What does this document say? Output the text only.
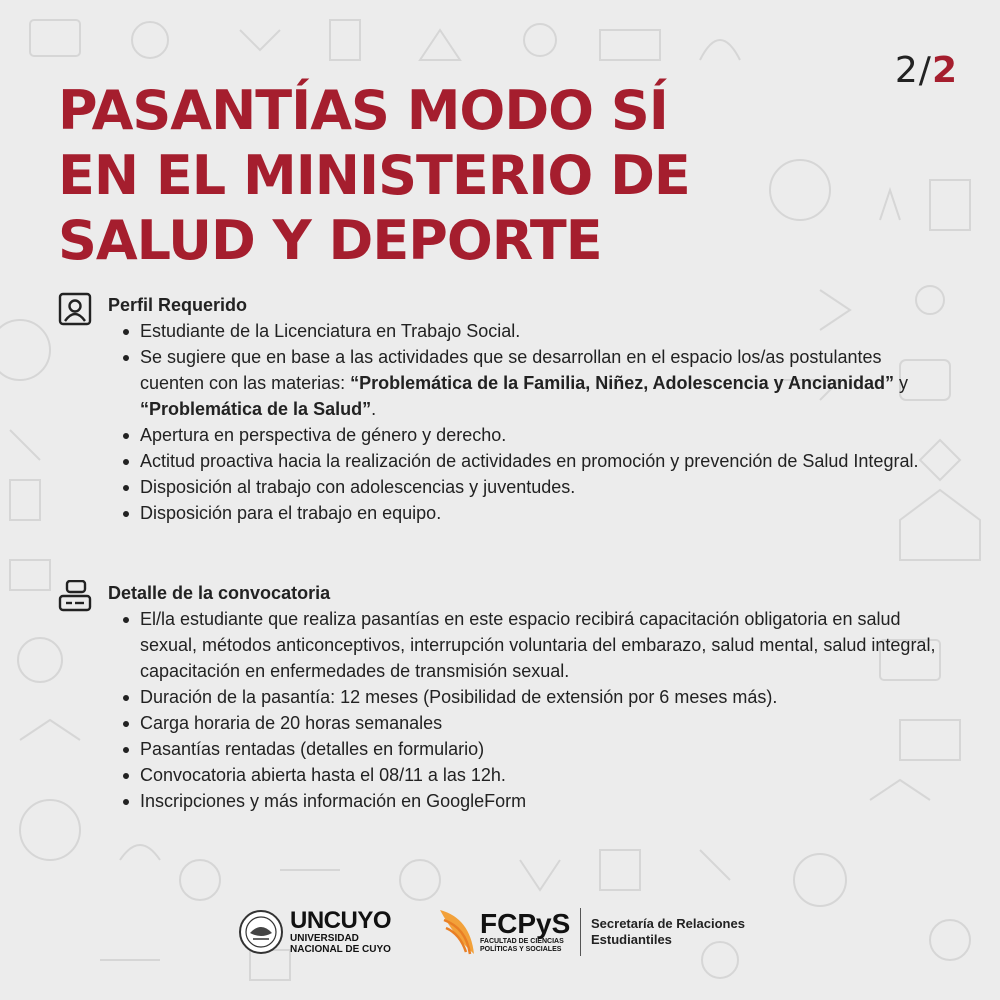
2/2
PASANTÍAS MODO SÍ
EN EL MINISTERIO DE
SALUD Y DEPORTE
Perfil Requerido
Estudiante de la Licenciatura en Trabajo Social.
Se sugiere que en base a las actividades que se desarrollan en el espacio los/as postulantes cuenten con las materias: “Problemática de la Familia, Niñez, Adolescencia y Ancianidad” y “Problemática de la Salud”.
Apertura en perspectiva de género y derecho.
Actitud proactiva hacia la realización de actividades en promoción y prevención de Salud Integral.
Disposición al trabajo con adolescencias y juventudes.
Disposición para el trabajo en equipo.
Detalle de la convocatoria
El/la estudiante que realiza pasantías en este espacio recibirá capacitación obligatoria en salud sexual, métodos anticonceptivos, interrupción voluntaria del embarazo, salud mental, salud integral, capacitación en enfermedades de transmisión sexual.
Duración de la pasantía: 12 meses (Posibilidad de extensión por 6 meses más).
Carga horaria de 20 horas semanales
Pasantías rentadas (detalles en formulario)
Convocatoria abierta hasta el 08/11 a las 12h.
Inscripciones y más información en GoogleForm
UNCUYO
UNIVERSIDAD
NACIONAL DE CUYO
FCPyS
FACULTAD DE CIENCIAS
POLÍTICAS Y SOCIALES
Secretaría de Relaciones
Estudiantiles
